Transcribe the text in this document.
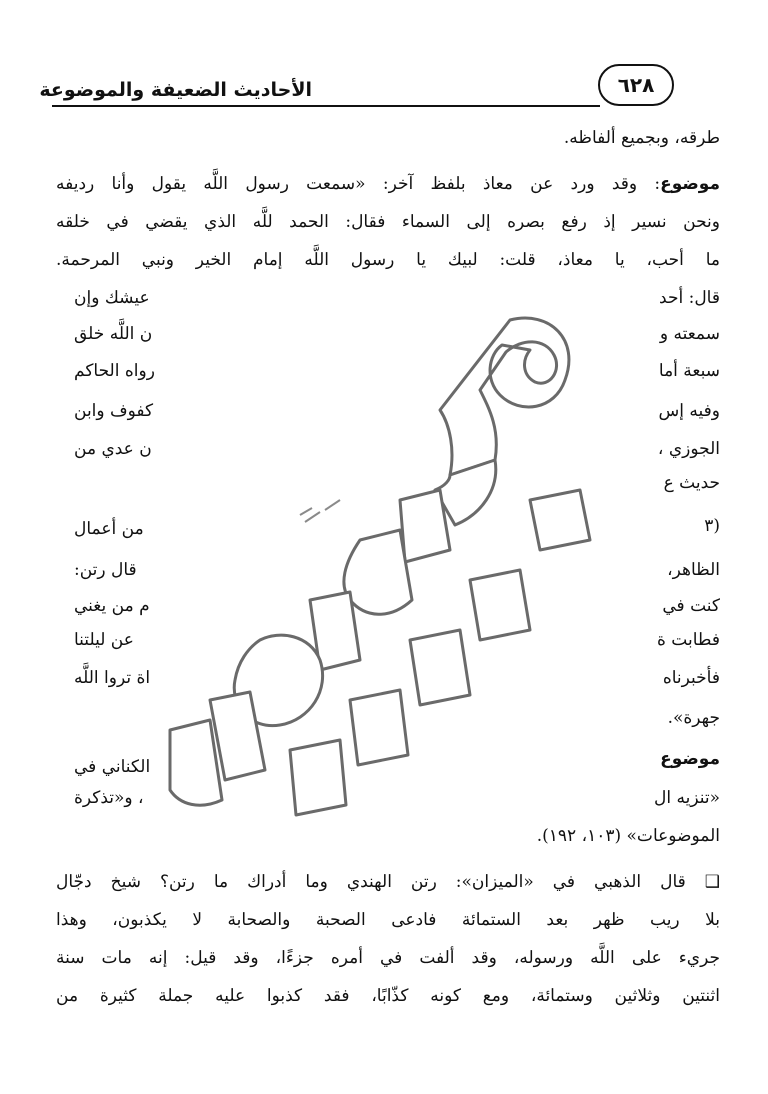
٦٢٨
الأحاديث الضعيفة والموضوعة
طرقه، وبجميع ألفاظه.
موضوع: وقد ورد عن معاذ بلفظ آخر: «سمعت رسول اللَّه يقول وأنا رديفه
ونحن نسير إذ رفع بصره إلى السماء فقال: الحمد للَّه الذي يقضي في خلقه
ما أحب، يا معاذ، قلت: لبيك يا رسول اللَّه إمام الخير ونبي المرحمة.
قال: أحد
عيشك وإن
سمعته و
ن اللَّه خلق
سبعة أما
رواه الحاكم
وفيه إس
كفوف وابن
الجوزي ،
ن عدي من
حديث ع
(٣
من أعمال
الظاهر،
قال رتن:
كنت في
م من يغني
فطابت ة
عن ليلتنا
فأخبرناه
اة تروا اللَّه
جهرة».
موضوع
الكناني في
«تنزيه ال
، و«تذكرة
الموضوعات» (١٠٣، ١٩٢).
❑ قال الذهبي في «الميزان»: رتن الهندي وما أدراك ما رتن؟ شيخ دجّال
بلا ريب ظهر بعد الستمائة فادعى الصحبة والصحابة لا يكذبون، وهذا
جريء على اللَّه ورسوله، وقد ألفت في أمره جزءًا، وقد قيل: إنه مات سنة
اثنتين وثلاثين وستمائة، ومع كونه كذّابًا، فقد كذبوا عليه جملة كثيرة من
